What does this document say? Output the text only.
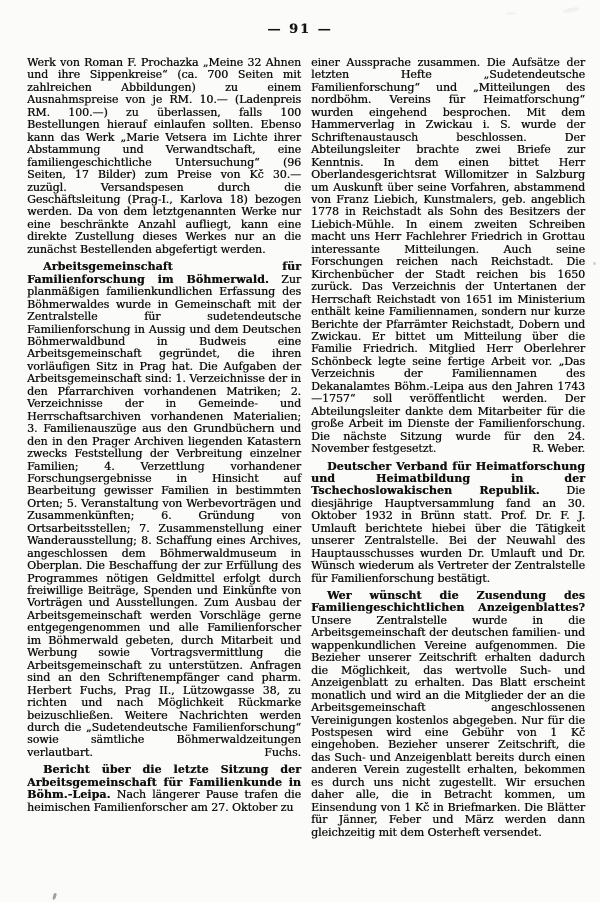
— 91 —

Werk von Roman F. Prochazka „Meine 32 Ahnen und ihre Sippenkreise“ (ca. 700 Seiten mit zahlreichen Abbildungen) zu einem Ausnahmspreise von je RM. 10.— (Ladenpreis RM. 100.—) zu überlassen, falls 100 Bestellungen hierauf einlaufen sollten. Ebenso kann das Werk „Marie Vetsera im Lichte ihrer Abstammung und Verwandtschaft, eine familiengeschichtliche Untersuchung“ (96 Seiten, 17 Bilder) zum Preise von Kč 30.— zuzügl. Versandspesen durch die Geschäftsleitung (Prag-I., Karlova 18) bezogen werden. Da von dem letztgenannten Werke nur eine beschränkte Anzahl aufliegt, kann eine direkte Zustellung dieses Werkes nur an die zunächst Bestellenden abgefertigt werden.

Arbeitsgemeinschaft für Familienforschung im Böhmerwald. Zur planmäßigen familienkundlichen Erfassung des Böhmerwaldes wurde in Gemeinschaft mit der Zentralstelle für sudetendeutsche Familienforschung in Aussig und dem Deutschen Böhmerwaldbund in Budweis eine Arbeitsgemeinschaft gegründet, die ihren vorläufigen Sitz in Prag hat. Die Aufgaben der Arbeitsgemeinschaft sind: 1. Verzeichnisse der in den Pfarrarchiven vorhandenen Matriken; 2. Verzeichnisse der in Gemeinde- und Herrschaftsarchiven vorhandenen Materialien; 3. Familienauszüge aus den Grundbüchern und den in den Prager Archiven liegenden Katastern zwecks Feststellung der Verbreitung einzelner Familien; 4. Verzettlung vorhandener Forschungsergebnisse in Hinsicht auf Bearbeitung gewisser Familien in bestimmten Orten; 5. Veranstaltung von Werbevorträgen und Zusammenkünften; 6. Gründung von Ortsarbeitsstellen; 7. Zusammenstellung einer Wanderausstellung; 8. Schaffung eines Archives, angeschlossen dem Böhmerwaldmuseum in Oberplan. Die Beschaffung der zur Erfüllung des Programmes nötigen Geldmittel erfolgt durch freiwillige Beiträge, Spenden und Einkünfte von Vorträgen und Ausstellungen. Zum Ausbau der Arbeitsgemeinschaft werden Vorschläge gerne entgegengenommen und alle Familienforscher im Böhmerwald gebeten, durch Mitarbeit und Werbung sowie Vortragsvermittlung die Arbeitsgemeinschaft zu unterstützen. Anfragen sind an den Schriftenempfänger cand pharm. Herbert Fuchs, Prag II., Lützowgasse 38, zu richten und nach Möglichkeit Rückmarke beizuschließen. Weitere Nachrichten werden durch die „Sudetendeutsche Familienforschung“ sowie sämtliche Böhmerwaldzeitungen verlautbart.	Fuchs.

Bericht über die letzte Sitzung der Arbeitsgemeinschaft für Familienkunde in Böhm.-Leipa. Nach längerer Pause trafen die heimischen Familienforscher am 27. Oktober zu

einer Aussprache zusammen. Die Aufsätze der letzten Hefte „Sudetendeutsche Familienforschung“ und „Mitteilungen des nordböhm. Vereins für Heimatforschung“ wurden eingehend besprochen. Mit dem Hammerverlag in Zwickau i. S. wurde der Schriftenaustausch beschlossen. Der Abteilungsleiter brachte zwei Briefe zur Kenntnis. In dem einen bittet Herr Oberlandesgerichtsrat Willomitzer in Salzburg um Auskunft über seine Vorfahren, abstammend von Franz Liebich, Kunstmalers, geb. angeblich 1778 in Reichstadt als Sohn des Besitzers der Liebich-Mühle. In einem zweiten Schreiben macht uns Herr Fachlehrer Friedrich in Grottau interessante Mitteilungen. Auch seine Forschungen reichen nach Reichstadt. Die Kirchenbücher der Stadt reichen bis 1650 zurück. Das Verzeichnis der Untertanen der Herrschaft Reichstadt von 1651 im Ministerium enthält keine Familiennamen, sondern nur kurze Berichte der Pfarrämter Reichstadt, Dobern und Zwickau. Er bittet um Mitteilung über die Familie Friedrich. Mitglied Herr Oberlehrer Schönbeck legte seine fertige Arbeit vor. „Das Verzeichnis der Familiennamen des Dekanalamtes Böhm.-Leipa aus den Jahren 1743—1757“ soll veröffentlicht werden. Der Abteilungsleiter dankte dem Mitarbeiter für die große Arbeit im Dienste der Familienforschung. Die nächste Sitzung wurde für den 24. November festgesetzt.	R. Weber.

Deutscher Verband für Heimatforschung und Heimatbildung in der Tschechoslowakischen Republik. Die diesjährige Hauptversammlung fand an 30. Oktober 1932 in Brünn statt. Prof. Dr. F. J. Umlauft berichtete hiebei über die Tätigkeit unserer Zentralstelle. Bei der Neuwahl des Hauptausschusses wurden Dr. Umlauft und Dr. Wünsch wiederum als Vertreter der Zentralstelle für Familienforschung bestätigt.

Wer wünscht die Zusendung des Familiengeschichtlichen Anzeigenblattes? Unsere Zentralstelle wurde in die Arbeitsgemeinschaft der deutschen familien- und wappenkundlichen Vereine aufgenommen. Die Bezieher unserer Zeitschrift erhalten dadurch die Möglichkeit, das wertvolle Such- und Anzeigenblatt zu erhalten. Das Blatt erscheint monatlich und wird an die Mitglieder der an die Arbeitsgemeinschaft angeschlossenen Vereinigungen kostenlos abgegeben. Nur für die Postspesen wird eine Gebühr von 1 Kč eingehoben. Bezieher unserer Zeitschrift, die das Such- und Anzeigenblatt bereits durch einen anderen Verein zugestellt erhalten, bekommen es durch uns nicht zugestellt. Wir ersuchen daher alle, die in Betracht kommen, um Einsendung von 1 Kč in Briefmarken. Die Blätter für Jänner, Feber und März werden dann gleichzeitig mit dem Osterheft versendet.
